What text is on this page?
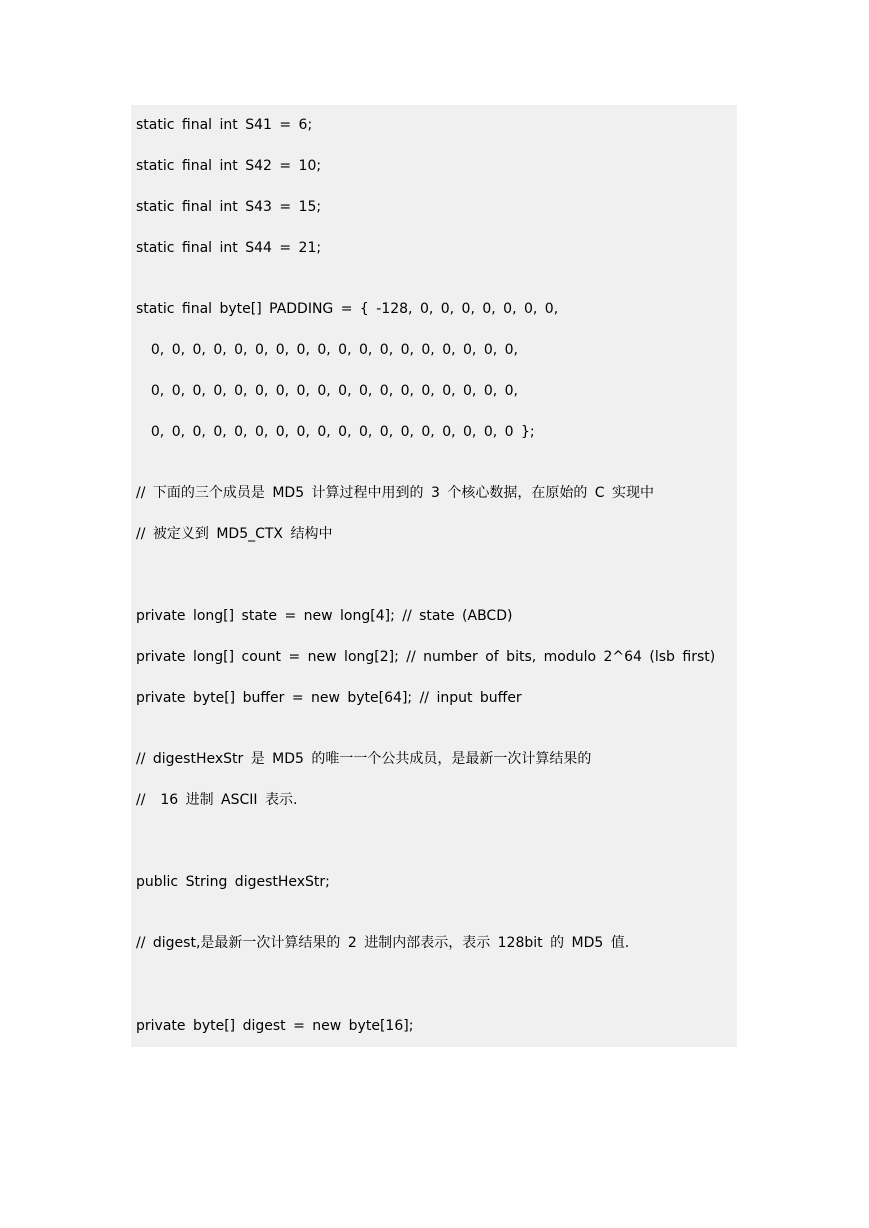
static final int S41 = 6;
static final int S42 = 10;
static final int S43 = 15;
static final int S44 = 21;
static final byte[] PADDING = { -128, 0, 0, 0, 0, 0, 0, 0,
0, 0, 0, 0, 0, 0, 0, 0, 0, 0, 0, 0, 0, 0, 0, 0, 0, 0,
0, 0, 0, 0, 0, 0, 0, 0, 0, 0, 0, 0, 0, 0, 0, 0, 0, 0,
0, 0, 0, 0, 0, 0, 0, 0, 0, 0, 0, 0, 0, 0, 0, 0, 0, 0 };
// 下面的三个成员是 MD5 计算过程中用到的 3 个核心数据，在原始的 C 实现中
// 被定义到 MD5_CTX 结构中
private long[] state = new long[4]; // state (ABCD)
private long[] count = new long[2]; // number of bits, modulo 2^64 (lsb first)
private byte[] buffer = new byte[64]; // input buffer
// digestHexStr 是 MD5 的唯一一个公共成员，是最新一次计算结果的
//  16 进制 ASCII 表示.
public String digestHexStr;
// digest,是最新一次计算结果的 2 进制内部表示，表示 128bit 的 MD5 值.
private byte[] digest = new byte[16];
